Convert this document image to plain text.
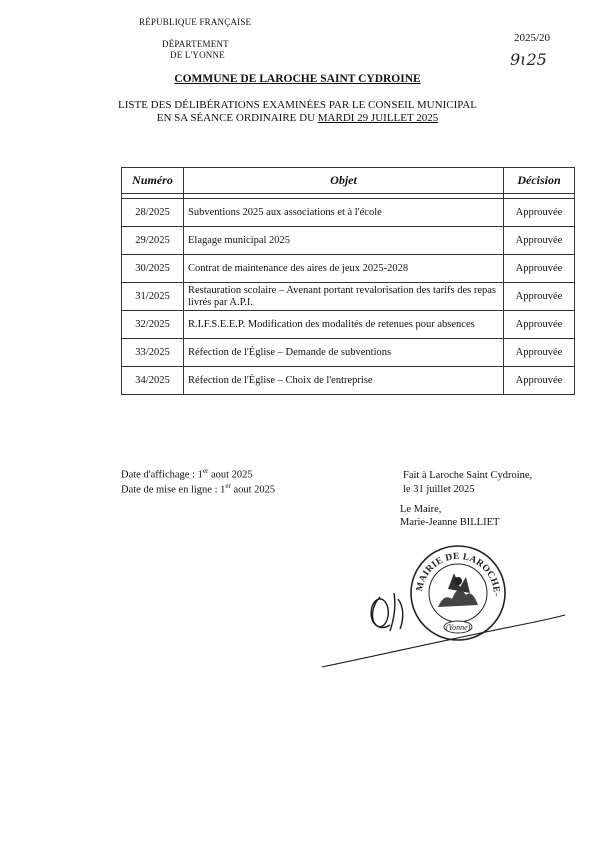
RÉPUBLIQUE FRANÇAISE
DÉPARTEMENT
DE L'YONNE
2025/20
9ɩ25
COMMUNE DE LAROCHE SAINT CYDROINE
LISTE DES DÉLIBÉRATIONS EXAMINÉES PAR LE CONSEIL MUNICIPAL
EN SA SÉANCE ORDINAIRE DU MARDI 29 JUILLET 2025
Numéro	Objet	Décision

28/2025	Subventions 2025 aux associations et à l'école	Approuvée
29/2025	Elagage municipal 2025	Approuvée
30/2025	Contrat de maintenance des aires de jeux 2025-2028	Approuvée
31/2025	Restauration scolaire – Avenant portant revalorisation des tarifs des repas livrés par A.P.I.	Approuvée
32/2025	R.I.F.S.E.E.P. Modification des modalités de retenues pour absences	Approuvée
33/2025	Réfection de l'Église – Demande de subventions	Approuvée
34/2025	Réfection de l'Église – Choix de l'entreprise	Approuvée
Date d'affichage : 1er aout 2025
Date de mise en ligne : 1er aout 2025
Fait à Laroche Saint Cydroine,
le 31 juillet 2025
Le Maire,
Marie-Jeanne BILLIET
MAIRIE DE LAROCHE-
(Yonne)
